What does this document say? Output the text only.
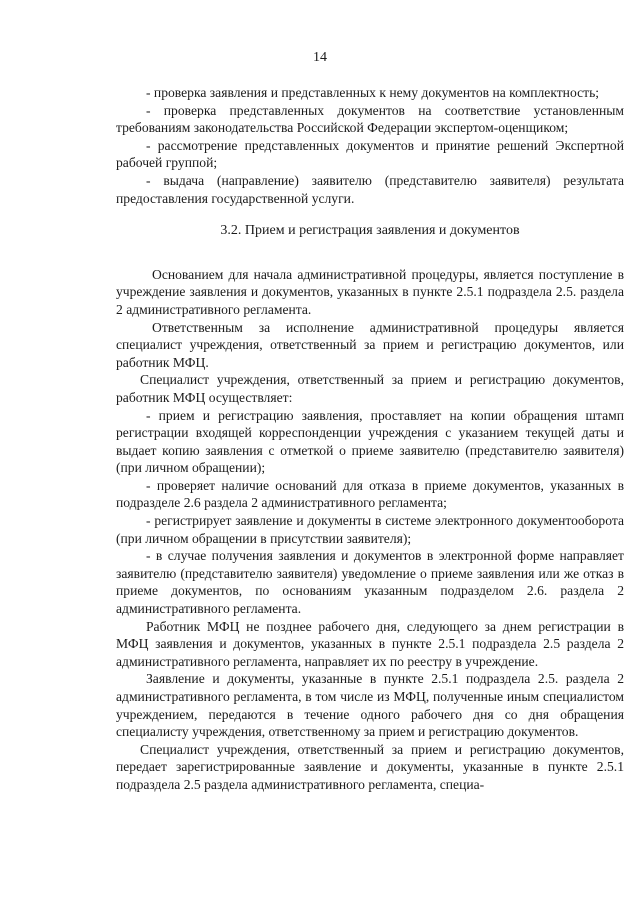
14

- проверка заявления и представленных к нему документов на комплектность;

- проверка представленных документов на соответствие установленным требованиям законодательства Российской Федерации экспертом-оценщиком;

- рассмотрение представленных документов и принятие решений Экспертной рабочей группой;

- выдача (направление) заявителю (представителю заявителя) результата предоставления государственной услуги.

3.2. Прием и регистрация заявления и документов

Основанием для начала административной процедуры, является поступление в учреждение заявления и документов, указанных в пункте 2.5.1 подраздела 2.5. раздела 2 административного регламента.

Ответственным за исполнение административной процедуры является специалист учреждения, ответственный за прием и регистрацию документов, или работник МФЦ.

Специалист учреждения, ответственный за прием и регистрацию документов, работник МФЦ осуществляет:

- прием и регистрацию заявления, проставляет на копии обращения штамп регистрации входящей корреспонденции учреждения с указанием текущей даты и выдает копию заявления с отметкой о приеме заявителю (представителю заявителя) (при личном обращении);

- проверяет наличие оснований для отказа в приеме документов, указанных в подразделе 2.6 раздела 2 административного регламента;

- регистрирует заявление и документы в системе электронного документооборота (при личном обращении в присутствии заявителя);

- в случае получения заявления и документов в электронной форме направляет заявителю (представителю заявителя) уведомление о приеме заявления или же отказ в приеме документов, по основаниям указанным подразделом 2.6. раздела 2 административного регламента.

Работник МФЦ не позднее рабочего дня, следующего за днем регистрации в МФЦ заявления и документов, указанных в пункте 2.5.1 подраздела 2.5 раздела 2 административного регламента, направляет их по реестру в учреждение.

Заявление и документы, указанные в пункте 2.5.1 подраздела 2.5. раздела 2 административного регламента, в том числе из МФЦ, полученные иным специалистом учреждением, передаются в течение одного рабочего дня со дня обращения специалисту учреждения, ответственному за прием и регистрацию документов.

Специалист учреждения, ответственный за прием и регистрацию документов, передает зарегистрированные заявление и документы, указанные в пункте 2.5.1 подраздела 2.5 раздела административного регламента, специа-
